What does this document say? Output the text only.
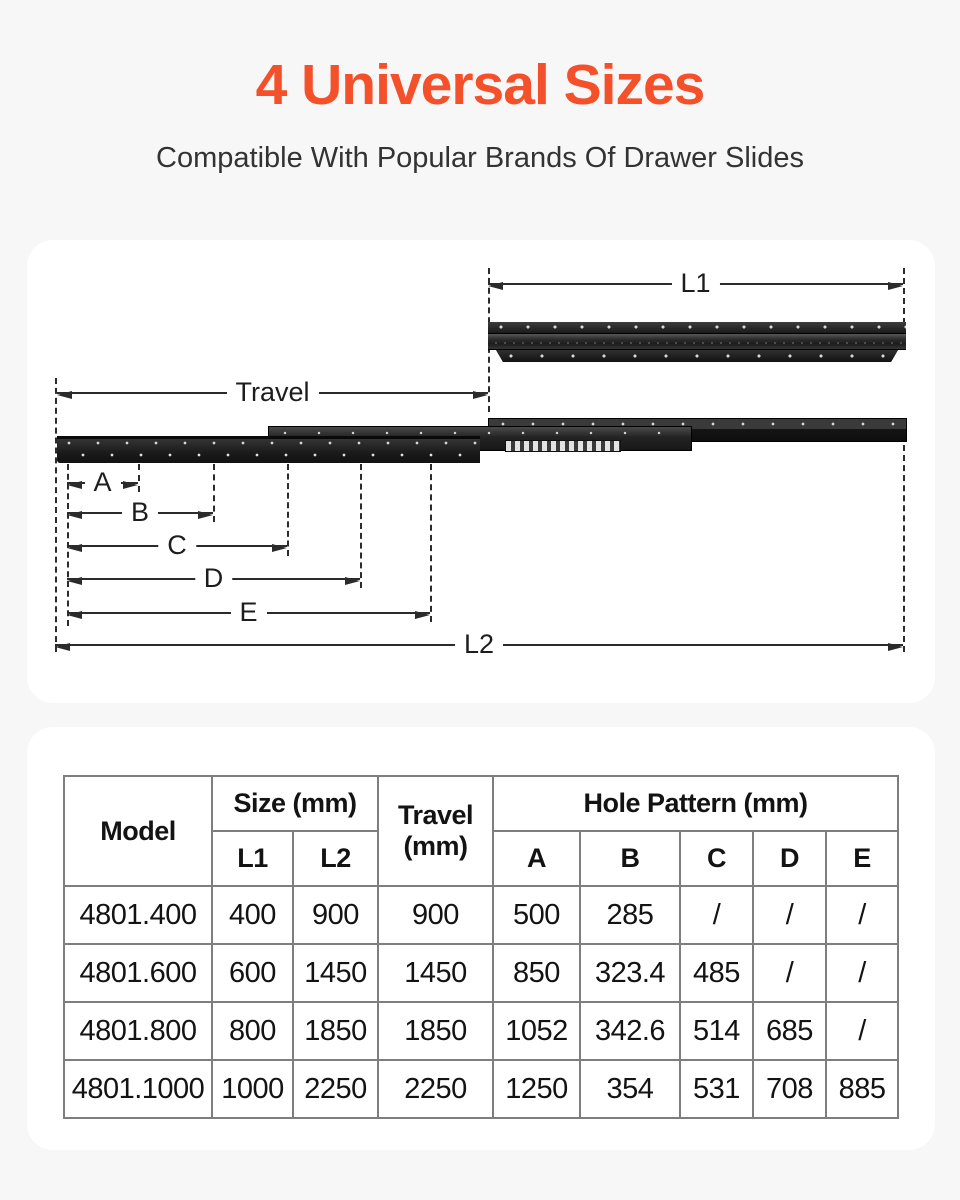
4 Universal Sizes
Compatible With Popular Brands Of Drawer Slides
L1
Travel
A
B
C
D
E
L2
Model	Size (mm)		Travel (mm)	Hole Pattern (mm)				
	L1	L2		A	B	C	D	E
4801.400	400	900	900	500	285	/	/	/
4801.600	600	1450	1450	850	323.4	485	/	/
4801.800	800	1850	1850	1052	342.6	514	685	/
4801.1000	1000	2250	2250	1250	354	531	708	885
